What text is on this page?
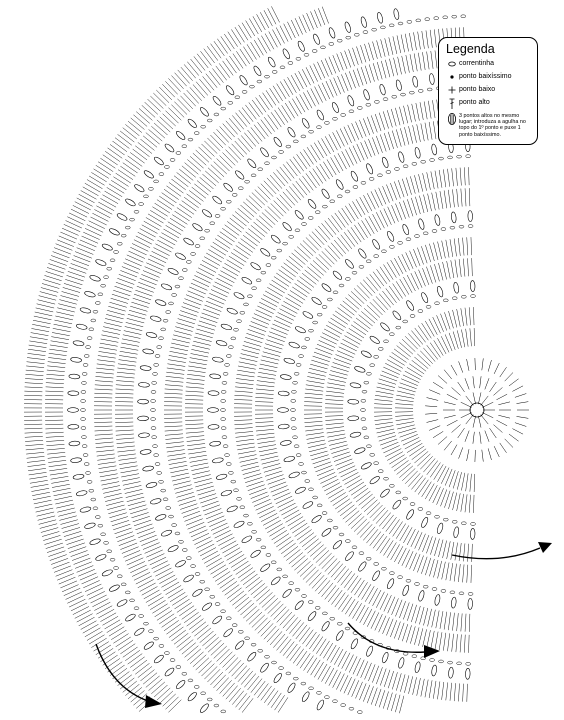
Legenda
correntinha
ponto baixíssimo
ponto baixo
ponto alto
3 pontos altos no mesmo lugar; introduza a agulha no topo do 1º ponto e puxe 1 ponto baixíssimo.
